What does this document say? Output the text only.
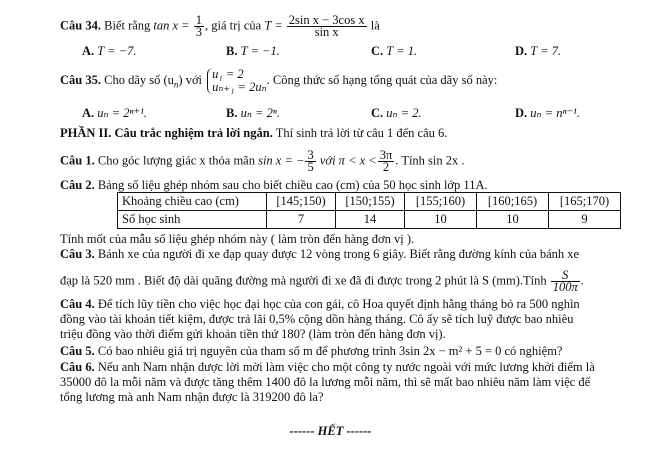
Câu 34. Biết rằng $\tan x = \frac{1}{3}$ , giá trị của $T = \frac{\text{2sin x − 3cos x}}{\text{sin x}}$ là
A. T = −7.	B. T = −1.	C. T = 1.	D. T = 7.
Câu 35. Cho dãy số $(u_n)$ với u₁ = 2
uₙ₊₁ = 2uₙ
. Công thức số hạng tổng quát của dãy số này:
A. uₙ = 2ⁿ⁺¹.	B. uₙ = 2ⁿ.	C. uₙ = 2.	D. uₙ = nⁿ⁻¹.
PHẦN II. Câu trắc nghiệm trả lời ngắn. Thí sinh trả lời từ câu 1 đến câu 6.
Câu 1. Cho góc lượng giác x thỏa mãn sin x = − $\frac{3}{5}$ với $\pi < x < \frac{3\pi}{2}$ . Tính sin 2x .
Câu 2. Bảng số liệu ghép nhóm sau cho biết chiều cao (cm) của 50 học sinh lớp 11A.
Khoảng chiều cao (cm)	[145;150)	[150;155)	[155;160)	[160;165)	[165;170)
Số học sinh	7	14	10	10	9
Tính mốt của mẫu số liệu ghép nhóm này ( làm tròn đến hàng đơn vị ).
Câu 3. Bánh xe của người đi xe đạp quay được 12 vòng trong 6 giây. Biết rằng đường kính của bánh xe
đạp là 520 mm . Biết độ dài quãng đường mà người đi xe đã đi được trong 2 phút là S (mm).Tính $\frac{S}{100\pi}$ .
Câu 4. Để tích lũy tiền cho việc học đại học của con gái, cô Hoa quyết định hằng tháng bỏ ra 500 nghìn
đồng vào tài khoản tiết kiệm, được trả lãi 0,5% cộng dồn hàng tháng. Cô ấy sẽ tích luỹ được bao nhiêu
triệu đồng vào thời điểm gửi khoản tiền thứ 180? (làm tròn đến hàng đơn vị).
Câu 5. Có bao nhiêu giá trị nguyên của tham số m để phương trình 3sin 2x − m² + 5 = 0 có nghiệm?
Câu 6. Nếu anh Nam nhận được lời mời làm việc cho một công ty nước ngoài với mức lương khởi điểm là
35000 đô la mỗi năm và được tăng thêm 1400 đô la lương mỗi năm, thì sẽ mất bao nhiêu năm làm việc để
tổng lương mà anh Nam nhận được là 319200 đô la?
------ HẾT ------
